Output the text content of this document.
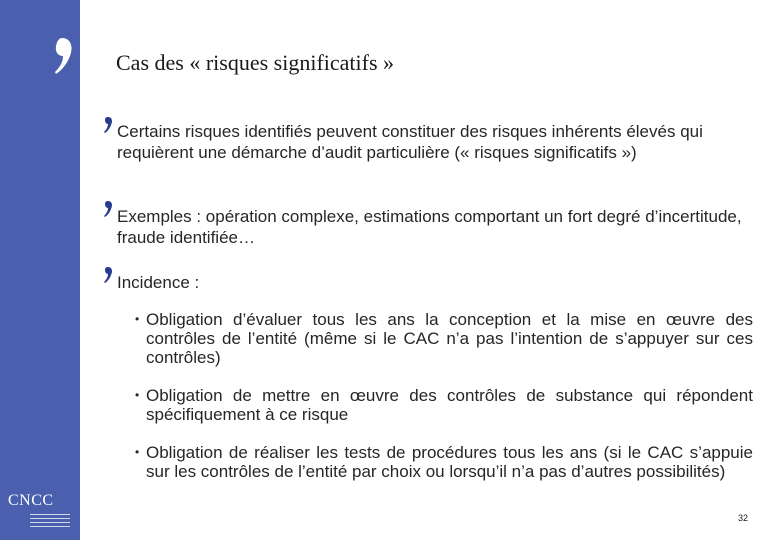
CNCC
Cas des « risques significatifs »
Certains risques identifiés peuvent constituer des risques inhérents élevés qui requièrent une démarche d’audit particulière (« risques significatifs »)
Exemples : opération complexe, estimations comportant un fort degré d’incertitude, fraude identifiée…
Incidence :
• Obligation d’évaluer tous les ans la conception et la mise en œuvre des contrôles de l’entité (même si le CAC n’a pas l’intention de s’appuyer sur ces contrôles)
• Obligation de mettre en œuvre des contrôles de substance qui répondent spécifiquement à ce risque
• Obligation de réaliser les tests de procédures tous les ans (si le CAC s’appuie sur les contrôles de l’entité par choix ou lorsqu’il n’a pas d’autres possibilités)
32
